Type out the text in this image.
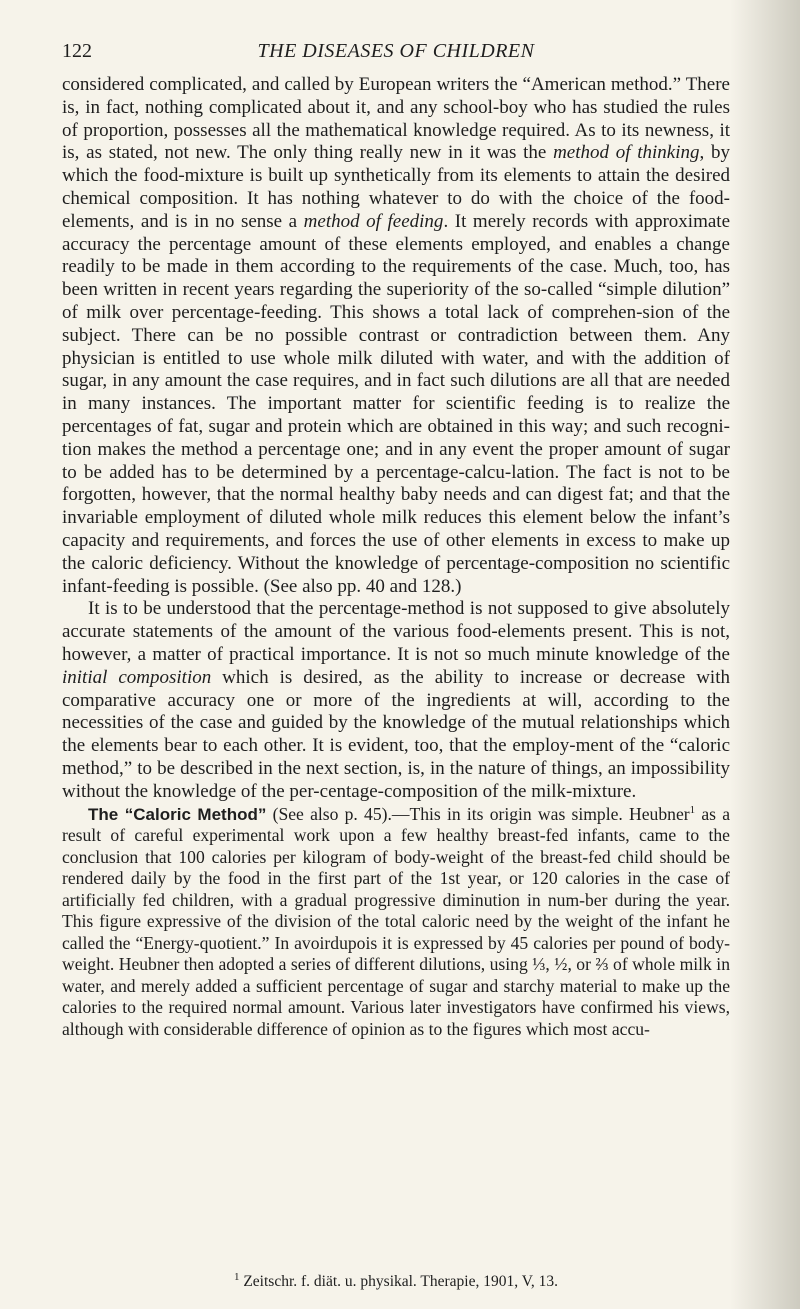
122	THE DISEASES OF CHILDREN

considered complicated, and called by European writers the “American method.” There is, in fact, nothing complicated about it, and any school-boy who has studied the rules of proportion, possesses all the mathematical knowledge required. As to its newness, it is, as stated, not new. The only thing really new in it was the method of thinking, by which the food-mixture is built up synthetically from its elements to attain the desired chemical composition. It has nothing whatever to do with the choice of the food-elements, and is in no sense a method of feeding. It merely records with approximate accuracy the percentage amount of these elements employed, and enables a change readily to be made in them according to the requirements of the case. Much, too, has been written in recent years regarding the superiority of the so-called “simple dilution” of milk over percentage-feeding. This shows a total lack of comprehen-sion of the subject. There can be no possible contrast or contradiction between them. Any physician is entitled to use whole milk diluted with water, and with the addition of sugar, in any amount the case requires, and in fact such dilutions are all that are needed in many instances. The important matter for scientific feeding is to realize the percentages of fat, sugar and protein which are obtained in this way; and such recogni-tion makes the method a percentage one; and in any event the proper amount of sugar to be added has to be determined by a percentage-calcu-lation. The fact is not to be forgotten, however, that the normal healthy baby needs and can digest fat; and that the invariable employment of diluted whole milk reduces this element below the infant’s capacity and requirements, and forces the use of other elements in excess to make up the caloric deficiency. Without the knowledge of percentage-composition no scientific infant-feeding is possible. (See also pp. 40 and 128.)

It is to be understood that the percentage-method is not supposed to give absolutely accurate statements of the amount of the various food-elements present. This is not, however, a matter of practical importance. It is not so much minute knowledge of the initial composition which is desired, as the ability to increase or decrease with comparative accuracy one or more of the ingredients at will, according to the necessities of the case and guided by the knowledge of the mutual relationships which the elements bear to each other. It is evident, too, that the employ-ment of the “caloric method,” to be described in the next section, is, in the nature of things, an impossibility without the knowledge of the per-centage-composition of the milk-mixture.

The “Caloric Method” (See also p. 45).—This in its origin was simple. Heubner$^1$ as a result of careful experimental work upon a few healthy breast-fed infants, came to the conclusion that 100 calories per kilogram of body-weight of the breast-fed child should be rendered daily by the food in the first part of the 1st year, or 120 calories in the case of artificially fed children, with a gradual progressive diminution in num-ber during the year. This figure expressive of the division of the total caloric need by the weight of the infant he called the “Energy-quotient.” In avoirdupois it is expressed by 45 calories per pound of body-weight. Heubner then adopted a series of different dilutions, using ⅓, ½, or ⅔ of whole milk in water, and merely added a sufficient percentage of sugar and starchy material to make up the calories to the required normal amount. Various later investigators have confirmed his views, although with considerable difference of opinion as to the figures which most accu-

$^1$ Zeitschr. f. diät. u. physikal. Therapie, 1901, V, 13.
